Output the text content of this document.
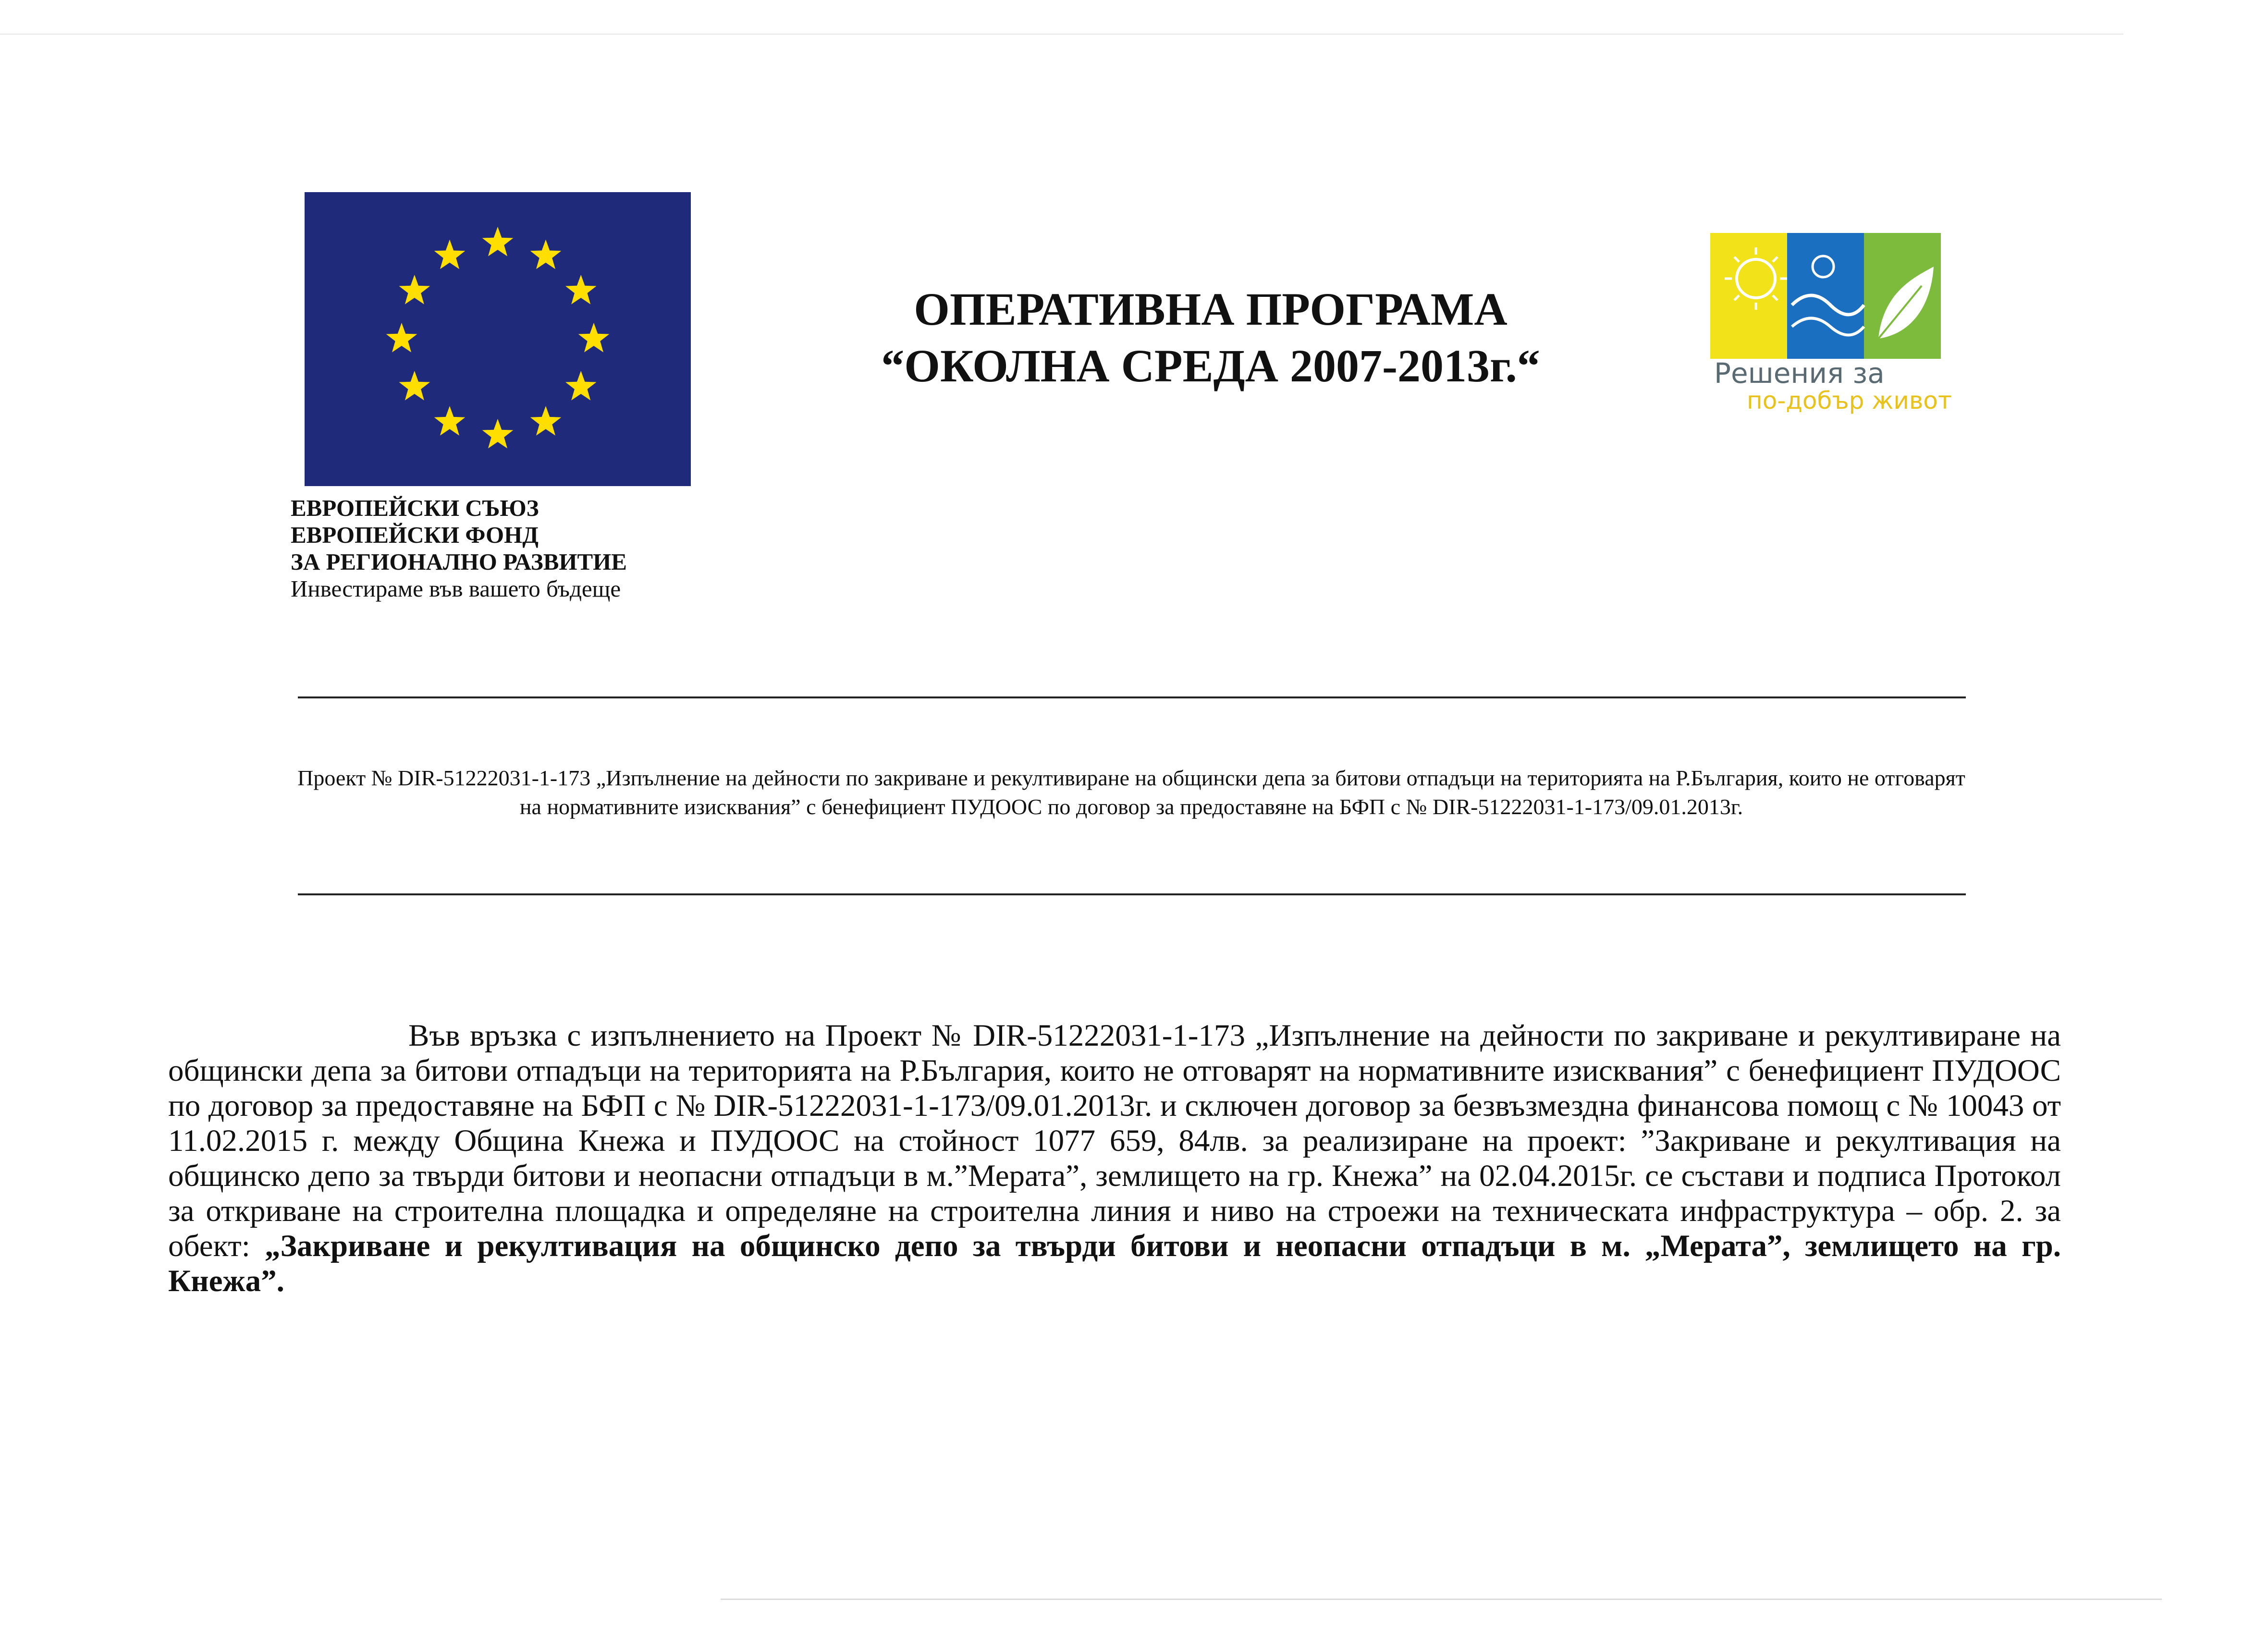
ЕВРОПЕЙСКИ СЪЮЗ
ЕВРОПЕЙСКИ ФОНД
ЗА РЕГИОНАЛНО РАЗВИТИЕ
Инвестираме във вашето бъдеще
ОПЕРАТИВНА ПРОГРАМА
“ОКОЛНА СРЕДА 2007-2013г.“	Решения за
по-добър живот
Проект № DIR-51222031-1-173 „Изпълнение на дейности по закриване и рекултивиране на общински депа за битови отпадъци на територията на Р.България, които не отговарят на нормативните изисквания” с бенефициент ПУДООС по договор за предоставяне на БФП с № DIR-51222031-1-173/09.01.2013г.
Във връзка с изпълнението на Проект № DIR-51222031-1-173 „Изпълнение на дейности по закриване и рекултивиране на общински депа за битови отпадъци на територията на Р.България, които не отговарят на нормативните изисквания” с бенефициент ПУДООС по договор за предоставяне на БФП с № DIR-51222031-1-173/09.01.2013г. и сключен договор за безвъзмездна финансова помощ с № 10043 от 11.02.2015 г. между Община Кнежа и ПУДООС на стойност 1077 659, 84лв. за реализиране на проект: ”Закриване и рекултивация на общинско депо за твърди битови и неопасни отпадъци в м.”Мерата”, землището на гр. Кнежа” на 02.04.2015г. се състави и подписа Протокол за откриване на строителна площадка и определяне на строителна линия и ниво на строежи на техническата инфраструктура – обр. 2. за обект: „Закриване и рекултивация на общинско депо за твърди битови и неопасни отпадъци в м. „Мерата”, землището на гр. Кнежа”.
